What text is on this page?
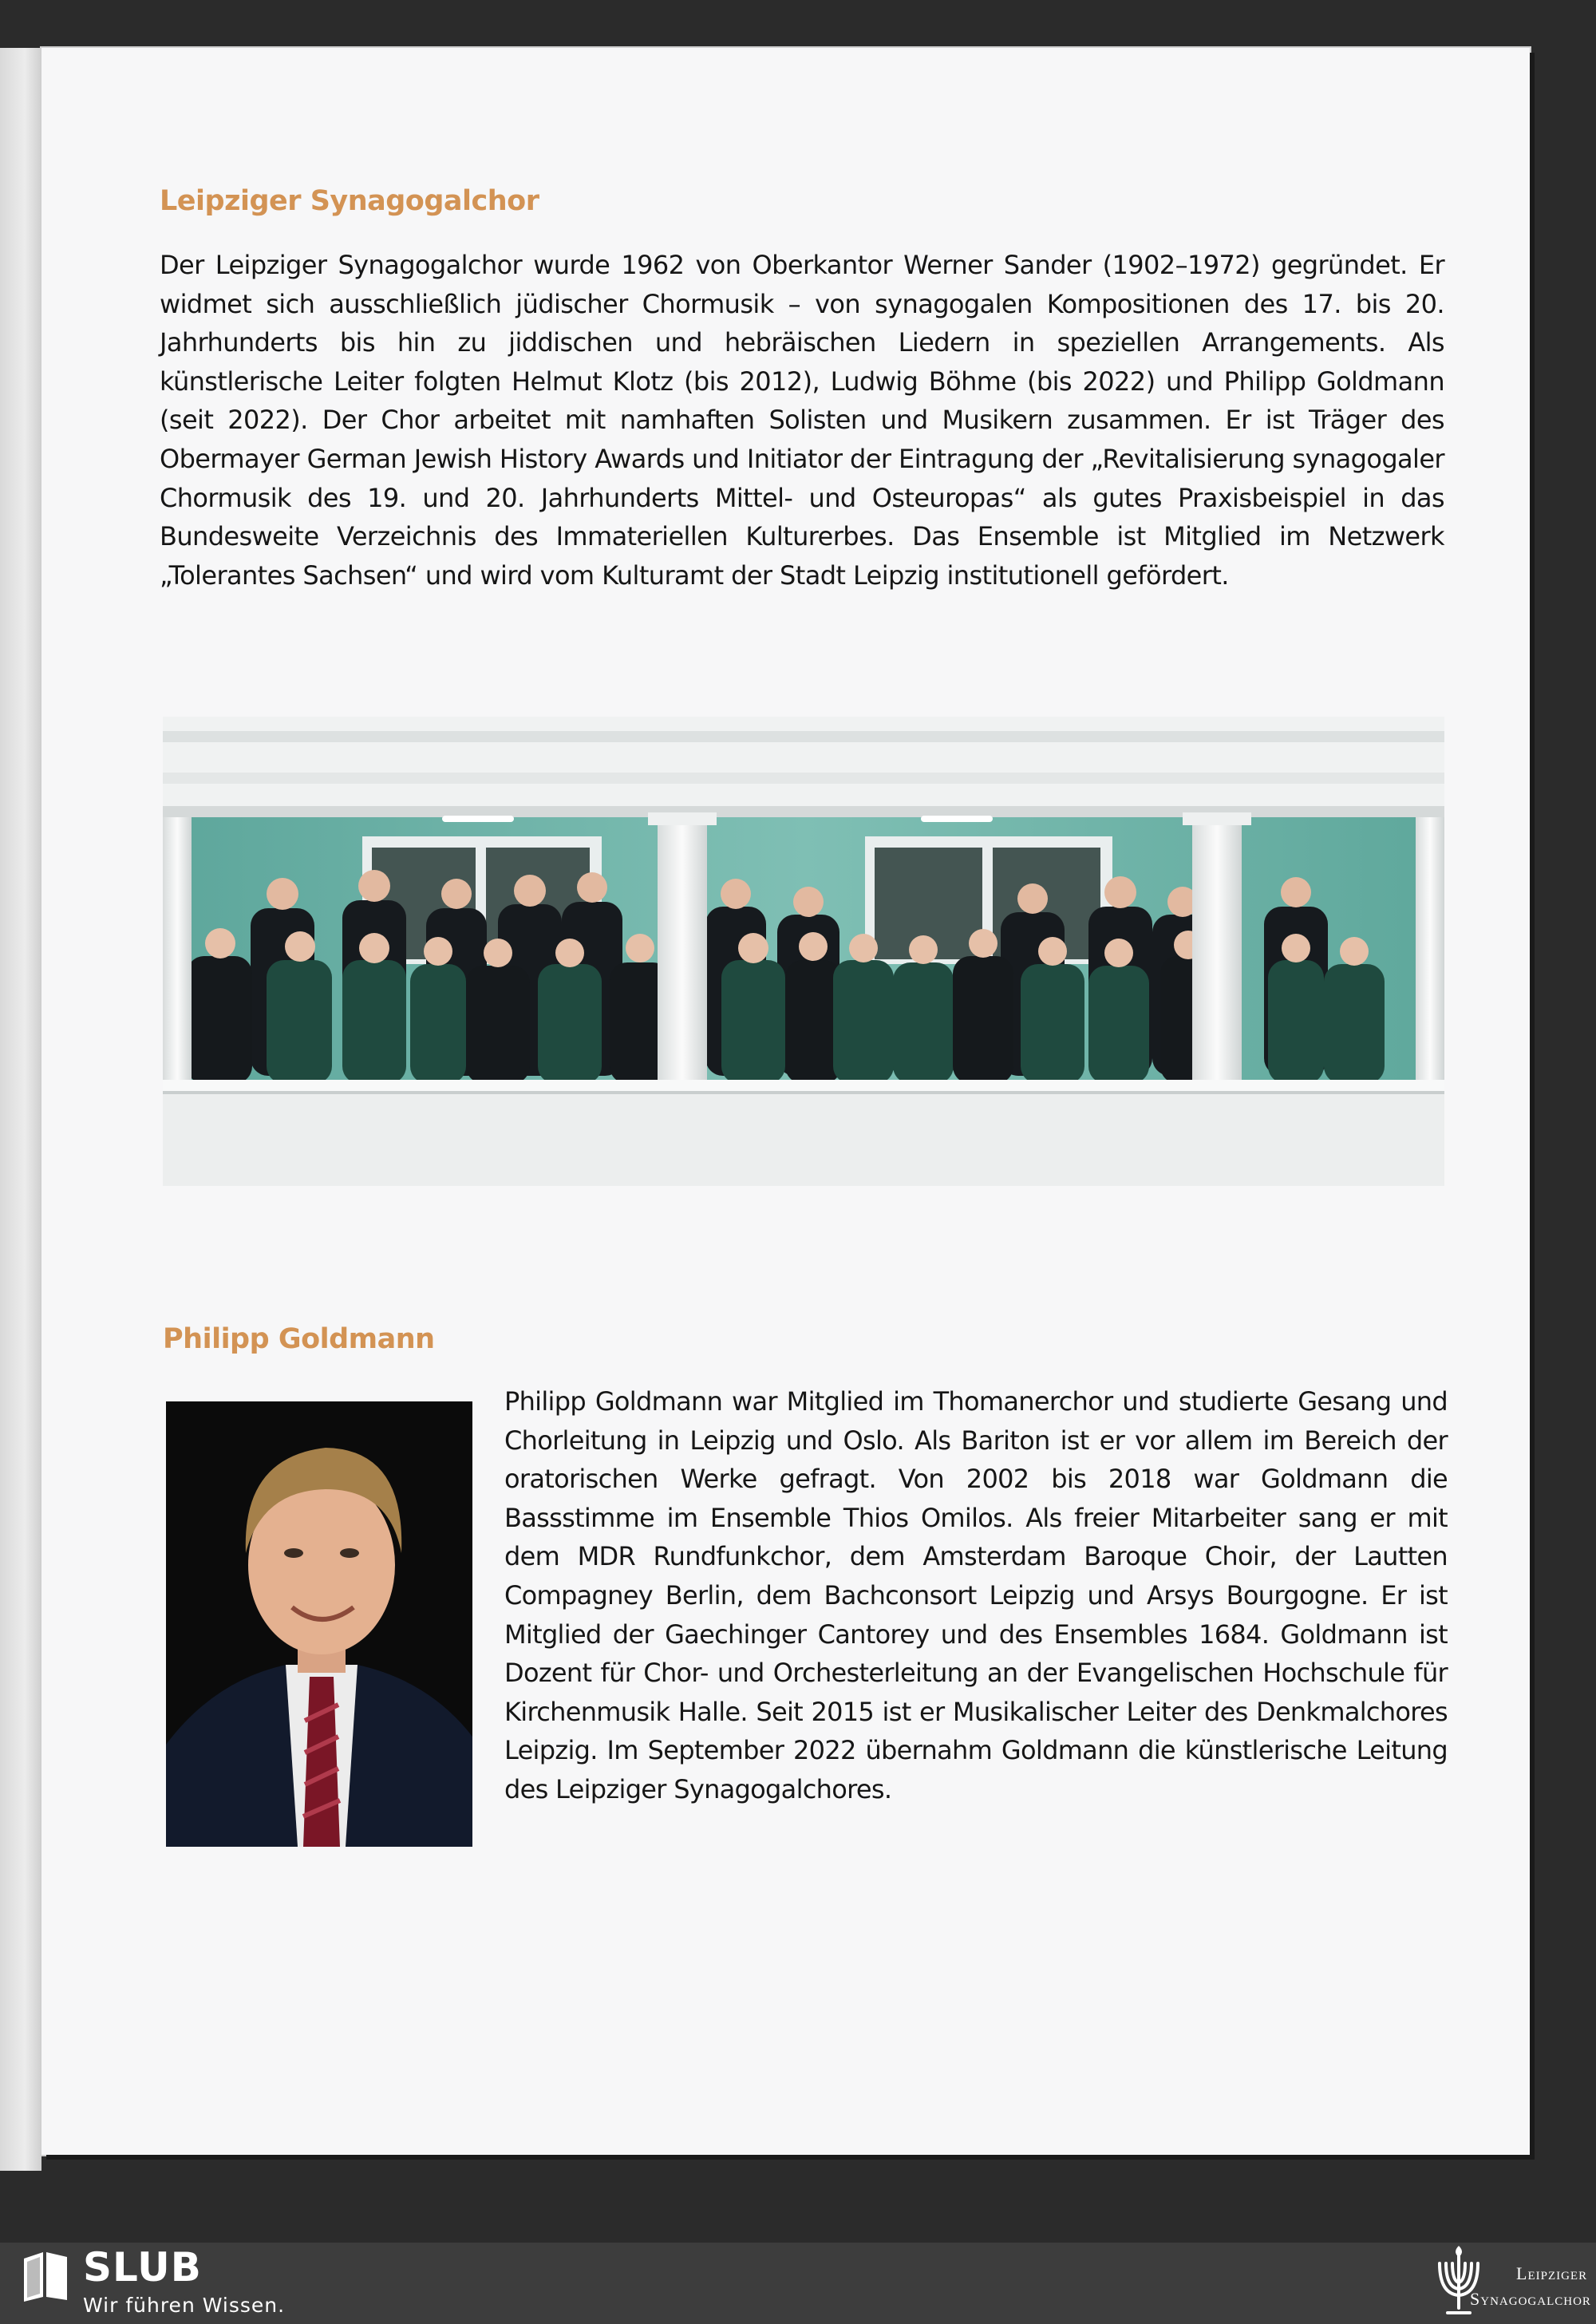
Leipziger Synagogalchor

Der Leipziger Synagogalchor wurde 1962 von Oberkantor Werner Sander (1902–1972) gegründet. Er widmet sich ausschließlich jüdischer Chormusik – von synagogalen Kompositionen des 17. bis 20. Jahrhunderts bis hin zu jiddischen und hebräischen Liedern in speziellen Arrangements. Als künstlerische Leiter folgten Helmut Klotz (bis 2012), Ludwig Böhme (bis 2022) und Philipp Goldmann (seit 2022). Der Chor arbeitet mit namhaften Solisten und Musikern zusammen. Er ist Träger des Obermayer German Jewish History Awards und Initiator der Eintragung der „Revitalisierung synagogaler Chormusik des 19. und 20. Jahrhunderts Mittel- und Osteuropas“ als gutes Praxisbeispiel in das Bundesweite Verzeichnis des Immateriellen Kulturerbes. Das Ensemble ist Mitglied im Netzwerk „Tolerantes Sachsen“ und wird vom Kulturamt der Stadt Leipzig institutionell gefördert.

Philipp Goldmann

Philipp Goldmann war Mitglied im Thomanerchor und studierte Gesang und Chorleitung in Leipzig und Oslo. Als Bariton ist er vor allem im Bereich der oratorischen Werke gefragt. Von 2002 bis 2018 war Goldmann die Bassstimme im Ensemble Thios Omilos. Als freier Mitarbeiter sang er mit dem MDR Rundfunkchor, dem Amsterdam Baroque Choir, der Lautten Compagney Berlin, dem Bachconsort Leipzig und Arsys Bourgogne. Er ist Mitglied der Gaechinger Cantorey und des Ensembles 1684. Goldmann ist Dozent für Chor- und Orchesterleitung an der Evangelischen Hochschule für Kirchenmusik Halle. Seit 2015 ist er Musikalischer Leiter des Denkmalchores Leipzig. Im September 2022 übernahm Goldmann die künstlerische Leitung des Leipziger Synagogalchores.

SLUB
Wir führen Wissen.
Leipziger
Synagogalchor
